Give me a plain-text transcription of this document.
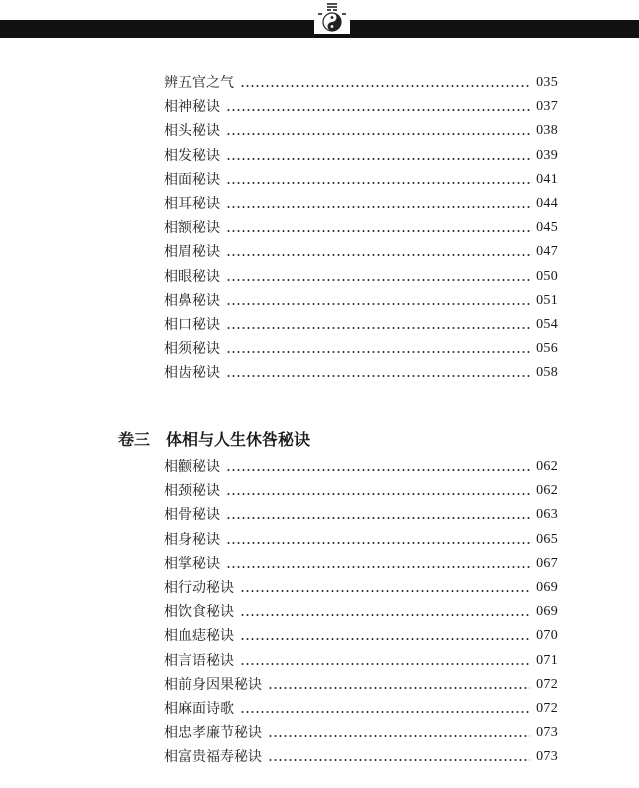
辨五官之气	035
相神秘诀	037
相头秘诀	038
相发秘诀	039
相面秘诀	041
相耳秘诀	044
相额秘诀	045
相眉秘诀	047
相眼秘诀	050
相鼻秘诀	051
相口秘诀	054
相须秘诀	056
相齿秘诀	058
卷三 体相与人生休咎秘诀
相颧秘诀	062
相颈秘诀	062
相骨秘诀	063
相身秘诀	065
相掌秘诀	067
相行动秘诀	069
相饮食秘诀	069
相血痣秘诀	070
相言语秘诀	071
相前身因果秘诀	072
相麻面诗歌	072
相忠孝廉节秘诀	073
相富贵福寿秘诀	073
